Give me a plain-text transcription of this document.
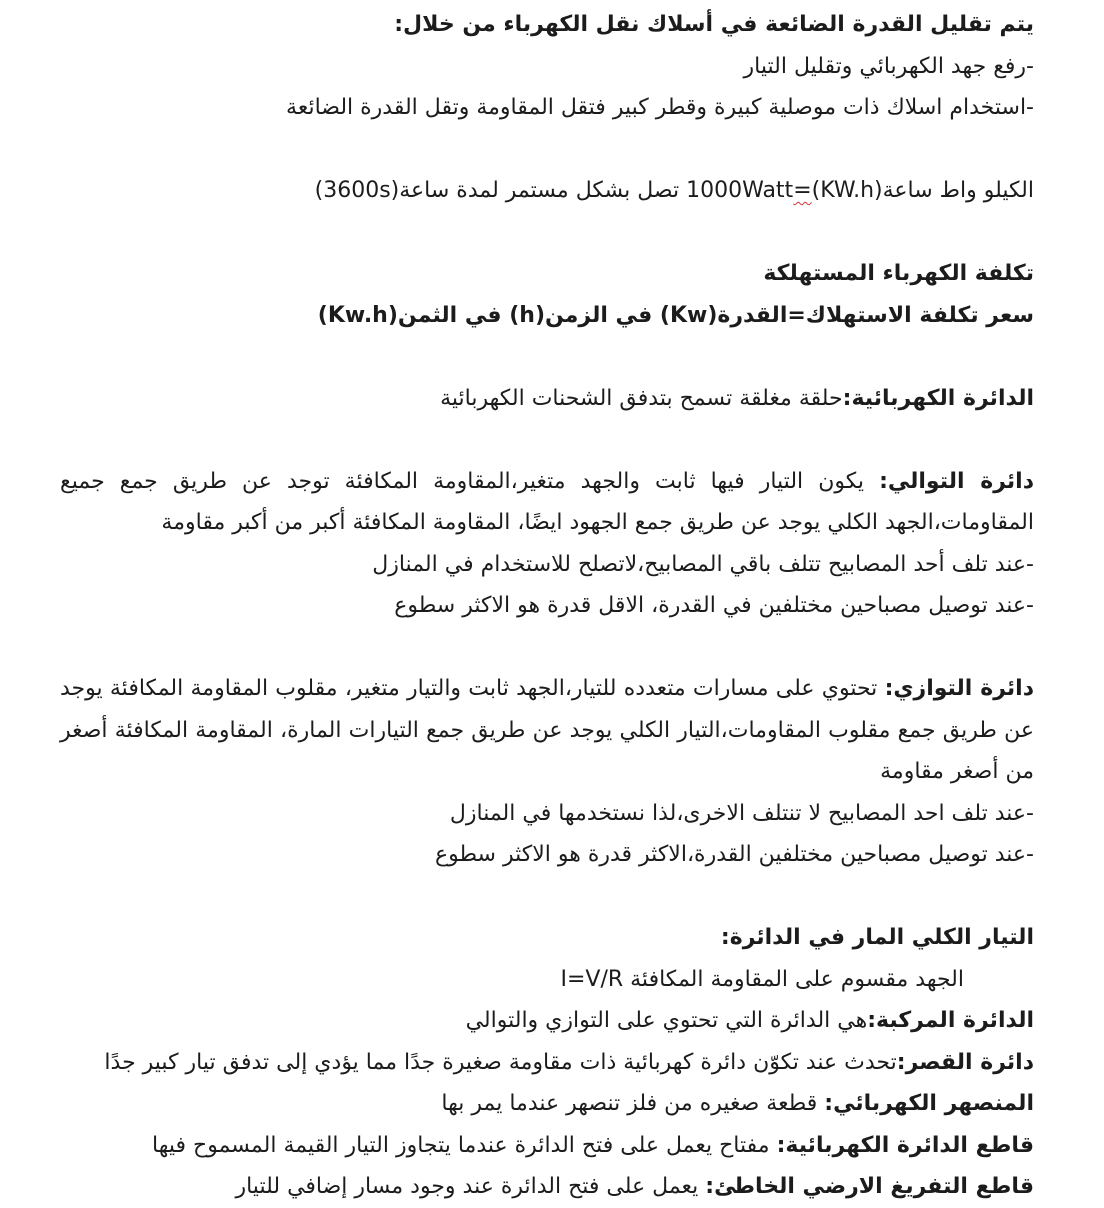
يتم تقليل القدرة الضائعة في أسلاك نقل الكهرباء من خلال:
-رفع جهد الكهربائي وتقليل التيار
-استخدام اسلاك ذات موصلية كبيرة وقطر كبير فتقل المقاومة وتقل القدرة الضائعة
الكيلو واط ساعة(KW.h)=1000Watt تصل بشكل مستمر لمدة ساعة(3600s)
تكلفة الكهرباء المستهلكة
سعر تكلفة الاستهلاك=القدرة(Kw) في الزمن(h) في الثمن(Kw.h)
الدائرة الكهربائية:حلقة مغلقة تسمح بتدفق الشحنات الكهربائية
دائرة التوالي: يكون التيار فيها ثابت والجهد متغير،المقاومة المكافئة توجد عن طريق جمع جميع المقاومات،الجهد الكلي يوجد عن طريق جمع الجهود ايضًا، المقاومة المكافئة أكبر من أكبر مقاومة
-عند تلف أحد المصابيح تتلف باقي المصابيح،لاتصلح للاستخدام في المنازل
-عند توصيل مصباحين مختلفين في القدرة، الاقل قدرة هو الاكثر سطوع
دائرة التوازي: تحتوي على مسارات متعدده للتيار،الجهد ثابت والتيار متغير، مقلوب المقاومة المكافئة يوجد عن طريق جمع مقلوب المقاومات،التيار الكلي يوجد عن طريق جمع التيارات المارة، المقاومة المكافئة أصغر من أصغر مقاومة
-عند تلف احد المصابيح لا تنتلف الاخرى،لذا نستخدمها في المنازل
-عند توصيل مصباحين مختلفين القدرة،الاكثر قدرة هو الاكثر سطوع
التيار الكلي المار في الدائرة:
الجهد مقسوم على المقاومة المكافئة I=V/R
الدائرة المركبة:هي الدائرة التي تحتوي على التوازي والتوالي
دائرة القصر:تحدث عند تكوّن دائرة كهربائية ذات مقاومة صغيرة جدًا مما يؤدي إلى تدفق تيار كبير جدًا
المنصهر الكهربائي: قطعة صغيره من فلز تنصهر عندما يمر بها
قاطع الدائرة الكهربائية: مفتاح يعمل على فتح الدائرة عندما يتجاوز التيار القيمة المسموح فيها
قاطع التفريغ الارضي الخاطئ: يعمل على فتح الدائرة عند وجود مسار إضافي للتيار
